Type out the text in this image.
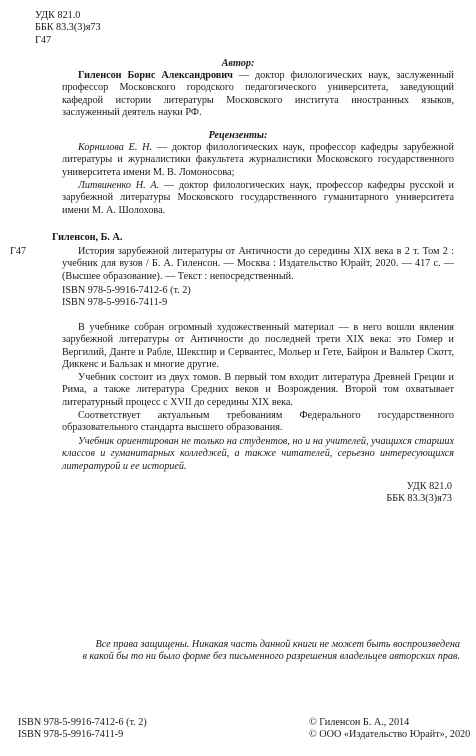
УДК 821.0
ББК 83.3(3)я73
Г47
Автор:
Гиленсон Борис Александрович — доктор филологических наук, заслуженный профессор Московского городского педагогического университета, заведующий кафедрой истории литературы Московского института иностранных языков, заслуженный деятель науки РФ.
Рецензенты:
Корнилова Е. Н. — доктор филологических наук, профессор кафедры зарубежной литературы и журналистики факультета журналистики Московского государственного университета имени М. В. Ломоносова;
Литвиненко Н. А. — доктор филологических наук, профессор кафедры русской и зарубежной литературы Московского государственного гуманитарного университета имени М. А. Шолохова.
Гиленсон, Б. А.
Г47	История зарубежной литературы от Античности до середины XIX века в 2 т. Том 2 : учебник для вузов / Б. А. Гиленсон. — Москва : Издательство Юрайт, 2020. — 417 с. — (Высшее образование). — Текст : непосредственный.
ISBN 978-5-9916-7412-6 (т. 2)
ISBN 978-5-9916-7411-9
В учебнике собран огромный художественный материал — в него вошли явления зарубежной литературы от Античности до последней трети XIX века: это Гомер и Вергилий, Данте и Рабле, Шекспир и Сервантес, Мольер и Гете, Байрон и Вальтер Скотт, Диккенс и Бальзак и многие другие.
Учебник состоит из двух томов. В первый том входит литература Древней Греции и Рима, а также литература Средних веков и Возрождения. Второй том охватывает литературный процесс с XVII до середины XIX века.
Соответствует актуальным требованиям Федерального государственного образовательного стандарта высшего образования.
Учебник ориентирован не только на студентов, но и на учителей, учащихся старших классов и гуманитарных колледжей, а также читателей, серьезно интересующихся литературой и ее историей.
УДК 821.0
ББК 83.3(3)я73
Все права защищены. Никакая часть данной книги не может быть воспроизведена
в какой бы то ни было форме без письменного разрешения владельцев авторских прав.
ISBN 978-5-9916-7412-6 (т. 2)
ISBN 978-5-9916-7411-9
© Гиленсон Б. А., 2014
© ООО «Издательство Юрайт», 2020
